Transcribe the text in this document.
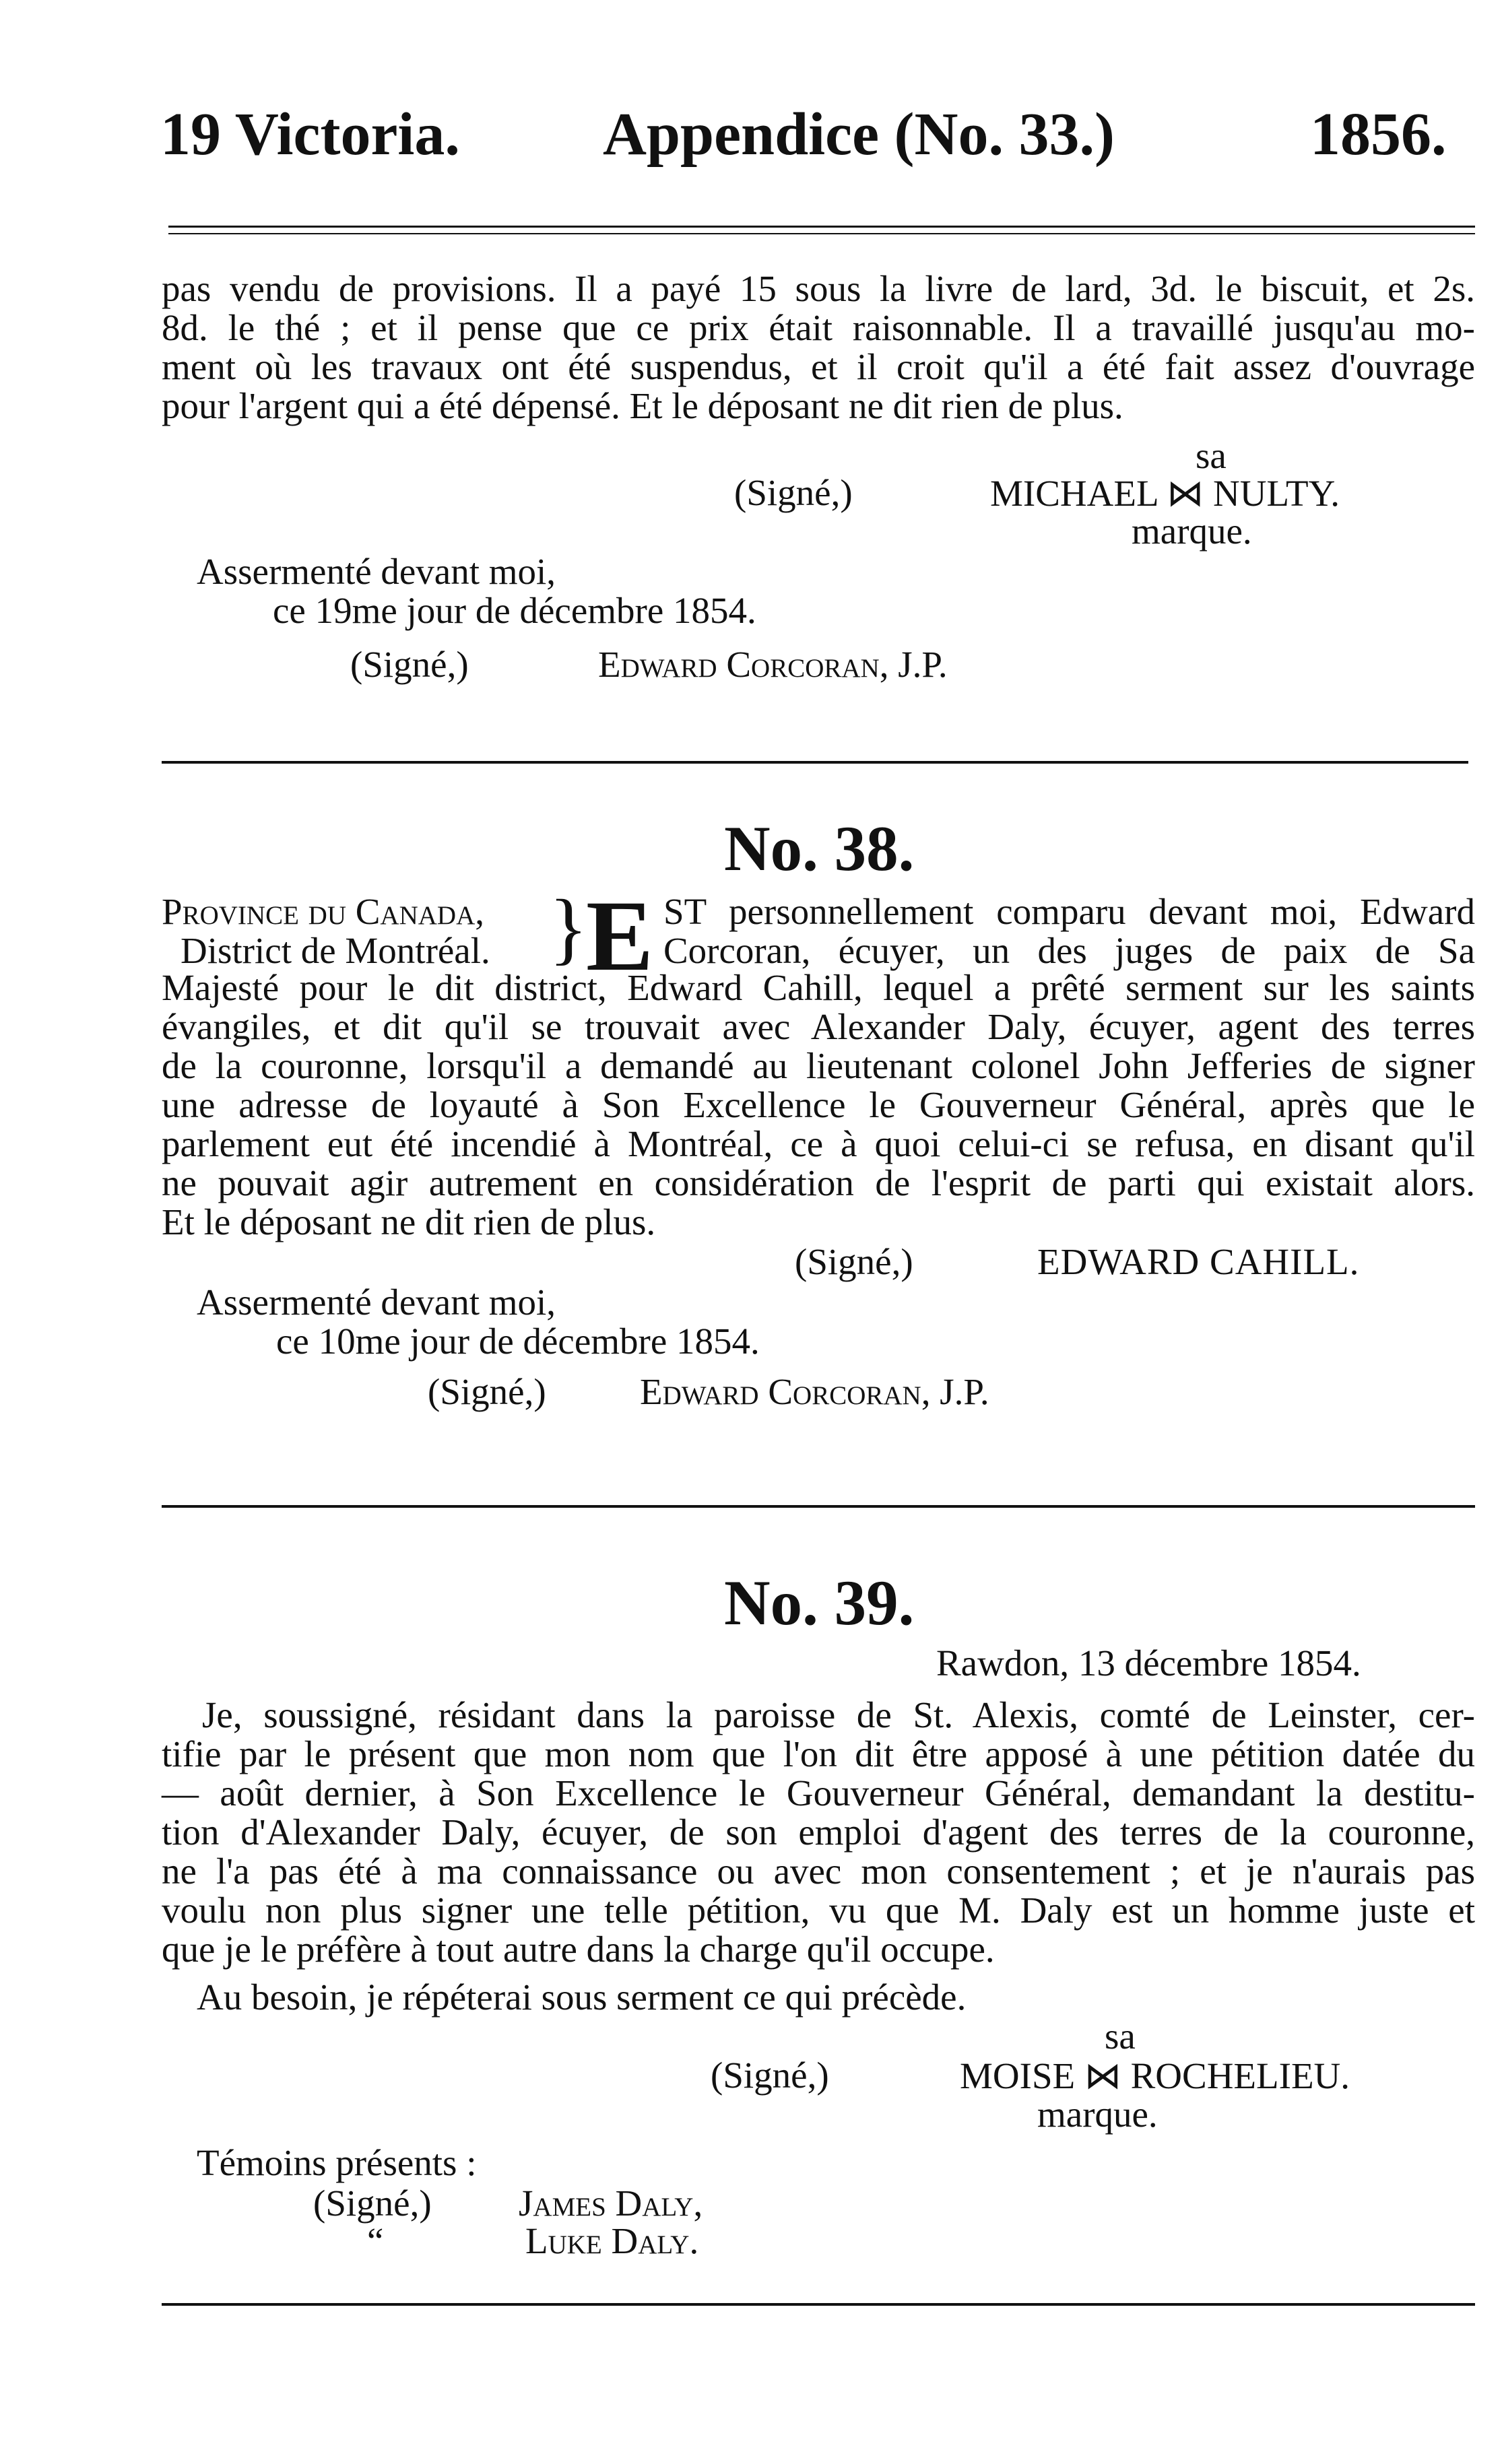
19 Victoria. Appendice (No. 33.)	1856.
pas vendu de provisions. Il a payé 15 sous la livre de lard, 3d. le biscuit, et 2s.
8d. le thé ; et il pense que ce prix était raisonnable. Il a travaillé jusqu'au mo-
ment où les travaux ont été suspendus, et il croit qu'il a été fait assez d'ouvrage
pour l'argent qui a été dépensé. Et le déposant ne dit rien de plus.
sa
(Signé,)	MICHAEL ⋈ NULTY.
marque.
Assermenté devant moi,
ce 19me jour de décembre 1854.
(Signé,)	Edward Corcoran, J.P.
No. 38.
Province du Canada,
District de Montréal. }
E ST personnellement comparu devant moi, Edward
Corcoran, écuyer, un des juges de paix de Sa
Majesté pour le dit district, Edward Cahill, lequel a prêté serment sur les saints
évangiles, et dit qu'il se trouvait avec Alexander Daly, écuyer, agent des terres
de la couronne, lorsqu'il a demandé au lieutenant colonel John Jefferies de signer
une adresse de loyauté à Son Excellence le Gouverneur Général, après que le
parlement eut été incendié à Montréal, ce à quoi celui-ci se refusa, en disant qu'il
ne pouvait agir autrement en considération de l'esprit de parti qui existait alors.
Et le déposant ne dit rien de plus.
(Signé,)	EDWARD CAHILL.
Assermenté devant moi,
ce 10me jour de décembre 1854.
(Signé,)	Edward Corcoran, J.P.
No. 39.
Rawdon, 13 décembre 1854.
Je, soussigné, résidant dans la paroisse de St. Alexis, comté de Leinster, cer-
tifie par le présent que mon nom que l'on dit être apposé à une pétition datée du
— août dernier, à Son Excellence le Gouverneur Général, demandant la destitu-
tion d'Alexander Daly, écuyer, de son emploi d'agent des terres de la couronne,
ne l'a pas été à ma connaissance ou avec mon consentement ; et je n'aurais pas
voulu non plus signer une telle pétition, vu que M. Daly est un homme juste et
que je le préfère à tout autre dans la charge qu'il occupe.
Au besoin, je répéterai sous serment ce qui précède.
sa
(Signé,)	MOISE ⋈ ROCHELIEU.
marque.
Témoins présents :
(Signé,) James Daly,
“	Luke Daly.
